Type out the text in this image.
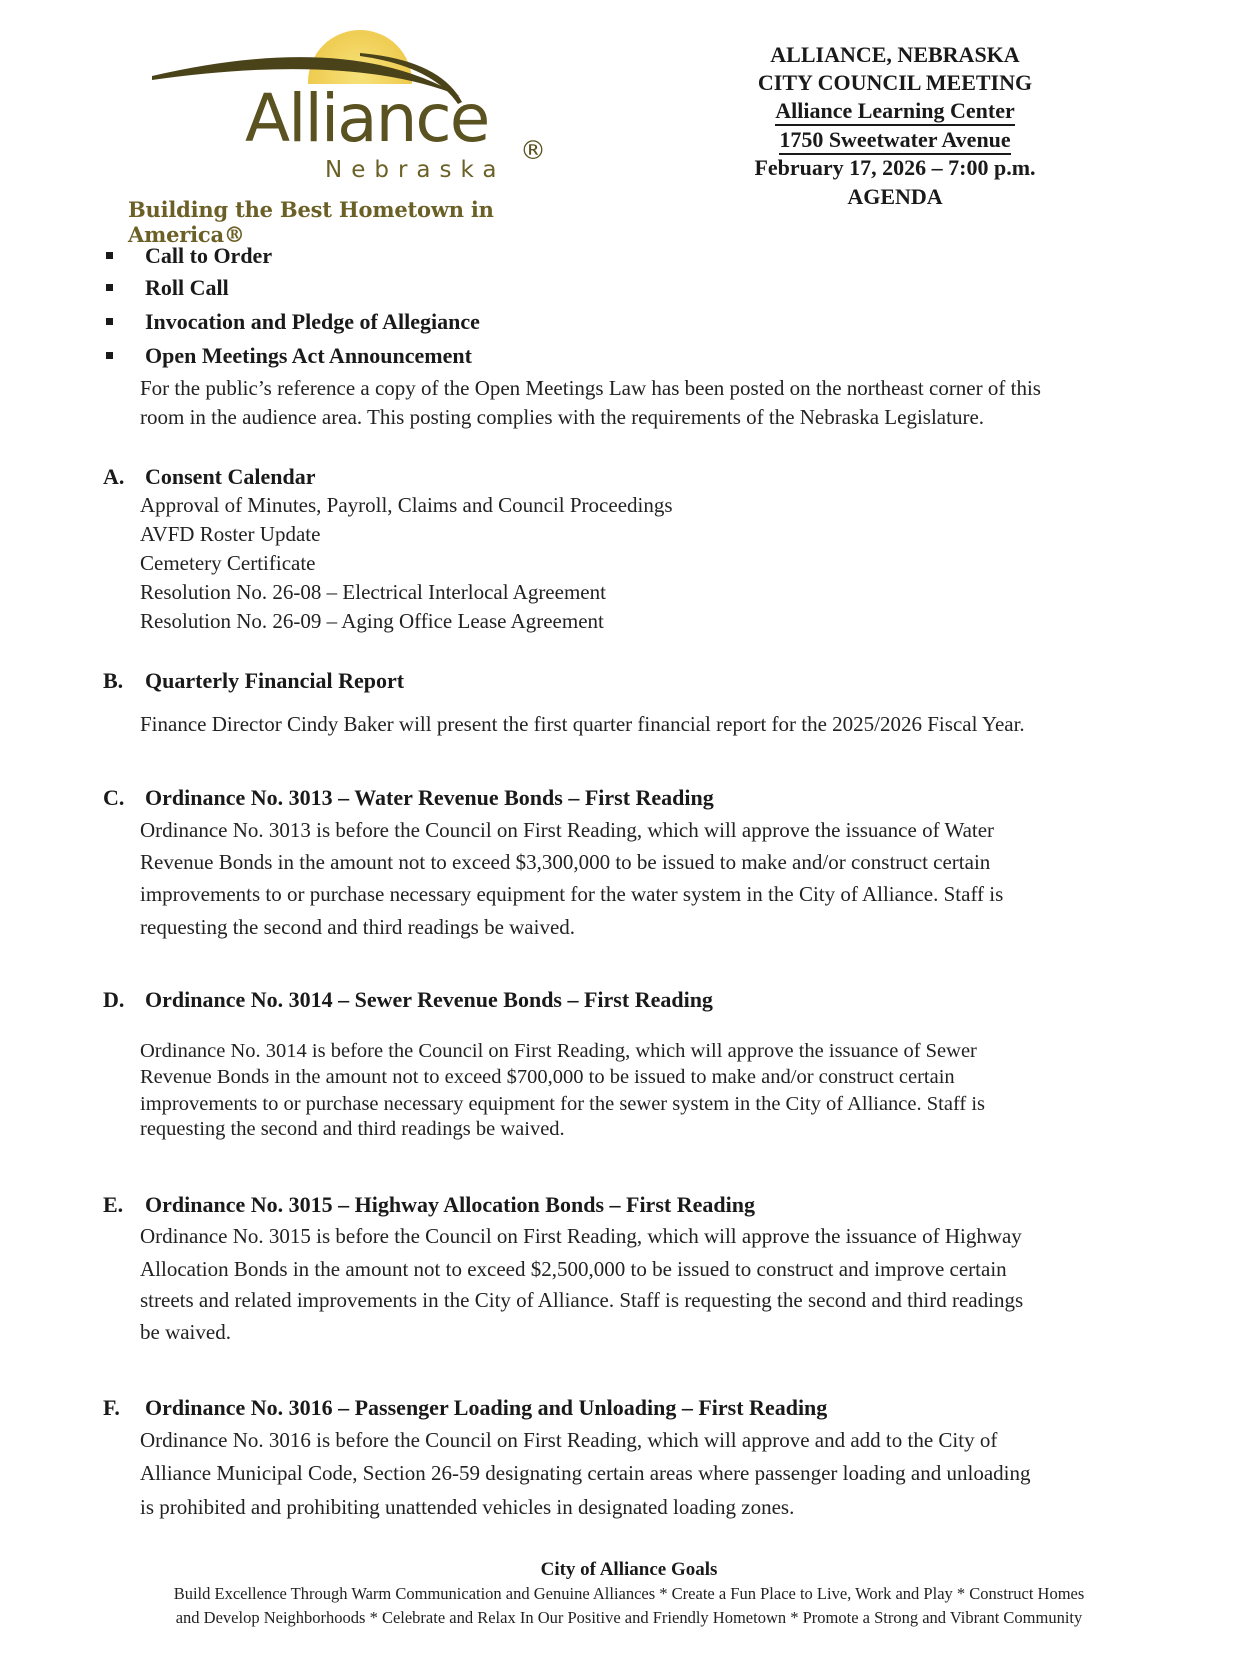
Alliance ®
Nebraska
Building the Best Hometown in America®
ALLIANCE, NEBRASKA
CITY COUNCIL MEETING
Alliance Learning Center
1750 Sweetwater Avenue
February 17, 2026 – 7:00 p.m.
AGENDA
Call to Order
Roll Call
Invocation and Pledge of Allegiance
Open Meetings Act Announcement
For the public’s reference a copy of the Open Meetings Law has been posted on the northeast corner of this
room in the audience area. This posting complies with the requirements of the Nebraska Legislature.
A. Consent Calendar
Approval of Minutes, Payroll, Claims and Council Proceedings
AVFD Roster Update
Cemetery Certificate
Resolution No. 26-08 – Electrical Interlocal Agreement
Resolution No. 26-09 – Aging Office Lease Agreement
B. Quarterly Financial Report
Finance Director Cindy Baker will present the first quarter financial report for the 2025/2026 Fiscal Year.
C. Ordinance No. 3013 – Water Revenue Bonds – First Reading
Ordinance No. 3013 is before the Council on First Reading, which will approve the issuance of Water
Revenue Bonds in the amount not to exceed $3,300,000 to be issued to make and/or construct certain
improvements to or purchase necessary equipment for the water system in the City of Alliance. Staff is
requesting the second and third readings be waived.
D. Ordinance No. 3014 – Sewer Revenue Bonds – First Reading
Ordinance No. 3014 is before the Council on First Reading, which will approve the issuance of Sewer
Revenue Bonds in the amount not to exceed $700,000 to be issued to make and/or construct certain
improvements to or purchase necessary equipment for the sewer system in the City of Alliance. Staff is
requesting the second and third readings be waived.
E. Ordinance No. 3015 – Highway Allocation Bonds – First Reading
Ordinance No. 3015 is before the Council on First Reading, which will approve the issuance of Highway
Allocation Bonds in the amount not to exceed $2,500,000 to be issued to construct and improve certain
streets and related improvements in the City of Alliance. Staff is requesting the second and third readings
be waived.
F. Ordinance No. 3016 – Passenger Loading and Unloading – First Reading
Ordinance No. 3016 is before the Council on First Reading, which will approve and add to the City of
Alliance Municipal Code, Section 26-59 designating certain areas where passenger loading and unloading
is prohibited and prohibiting unattended vehicles in designated loading zones.
City of Alliance Goals
Build Excellence Through Warm Communication and Genuine Alliances * Create a Fun Place to Live, Work and Play * Construct Homes
and Develop Neighborhoods * Celebrate and Relax In Our Positive and Friendly Hometown * Promote a Strong and Vibrant Community
